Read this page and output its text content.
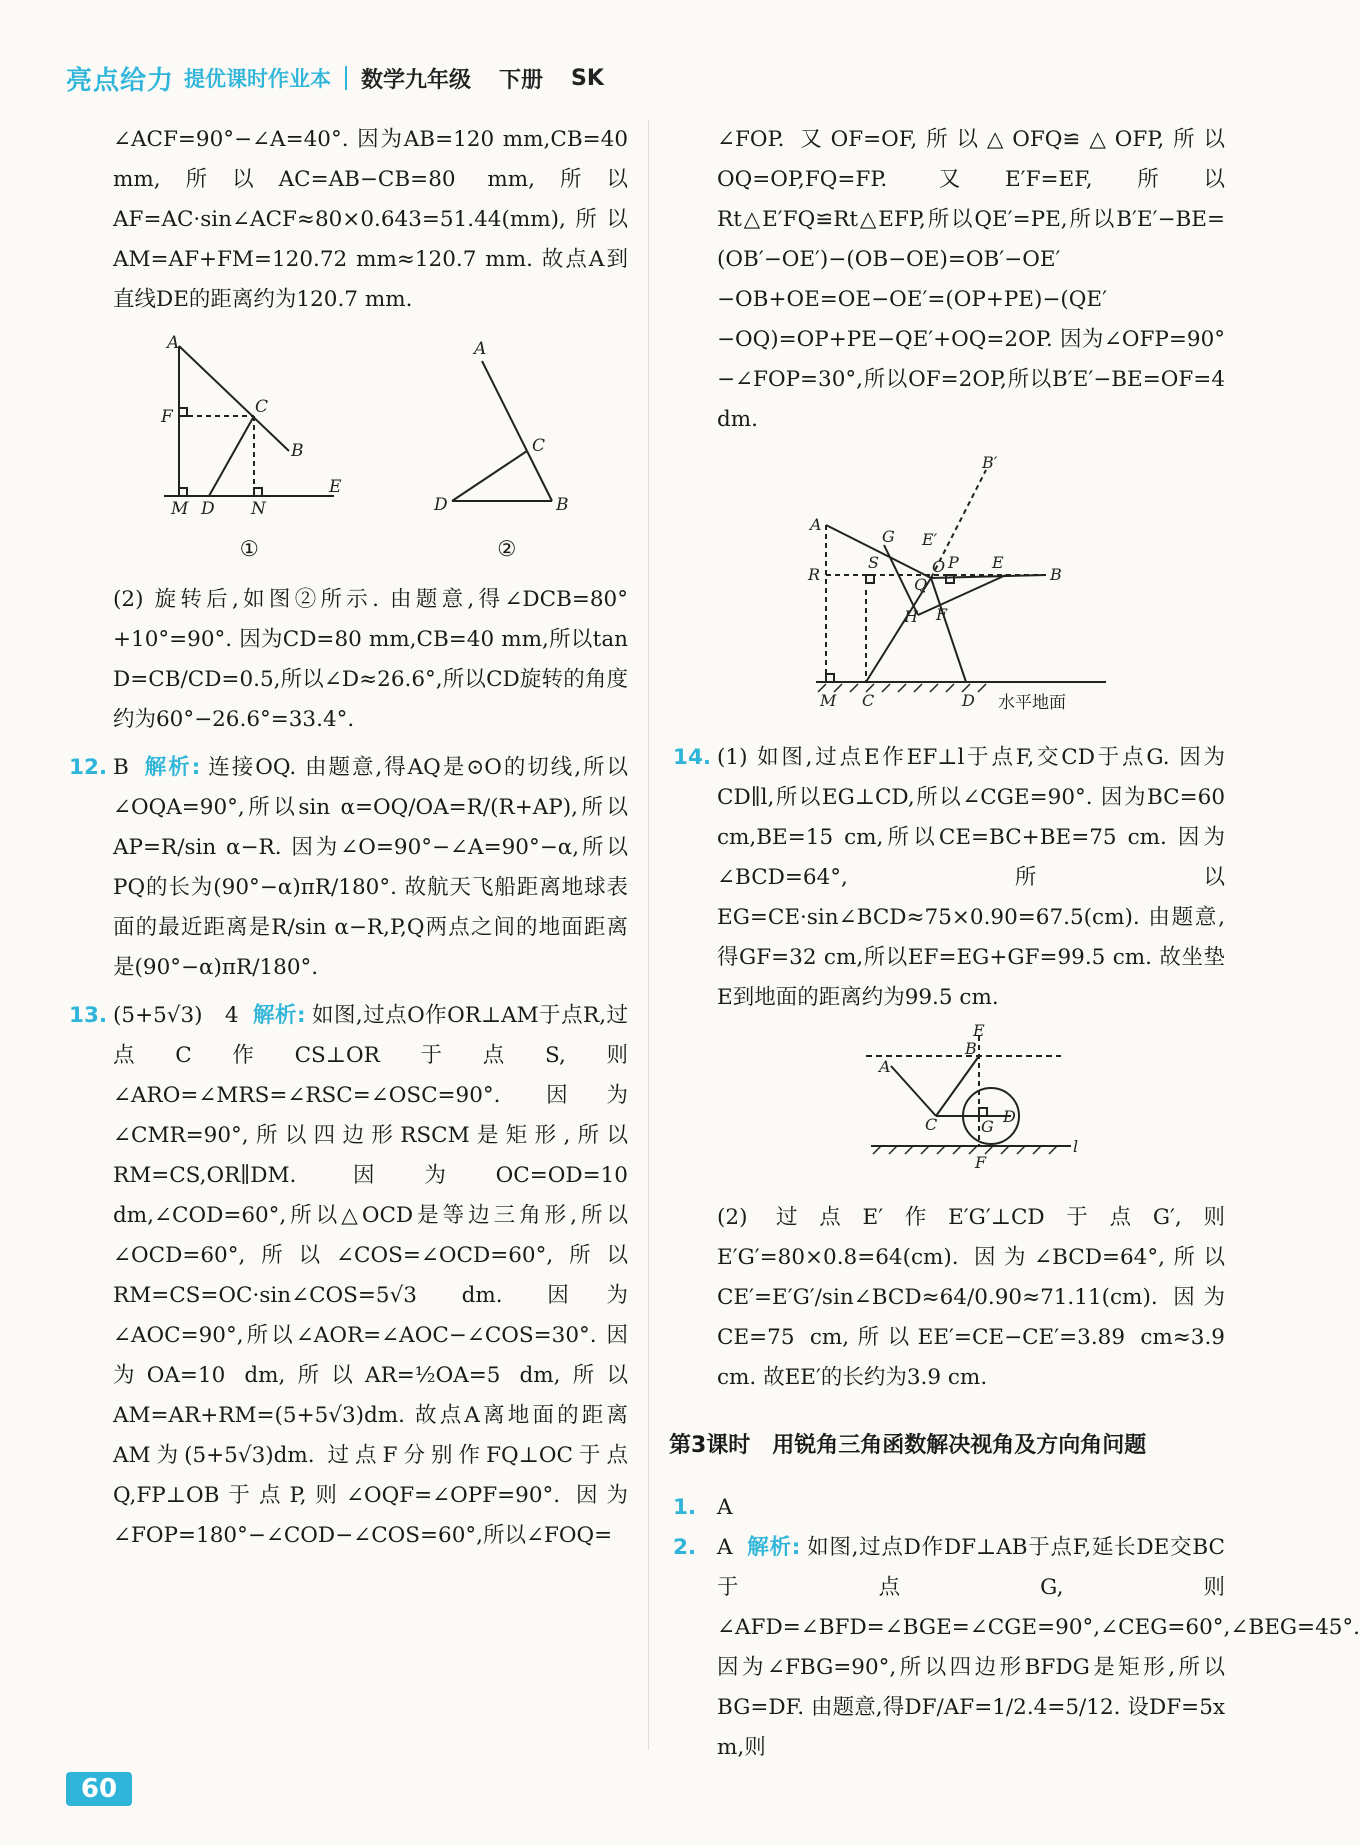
亮点给力 提优课时作业本 数学九年级 下册 SK

∠ACF=90°−∠A=40°. 因为AB=120 mm,CB=40 mm,所以AC=AB−CB=80 mm,所以AF=AC·sin∠ACF≈80×0.643=51.44(mm),所以AM=AF+FM=120.72 mm≈120.7 mm. 故点A到直线DE的距离约为120.7 mm.

A
F	C
B
M D N
E
①
A
C
B
D
②

(2) 旋转后,如图②所示. 由题意,得∠DCB=80°+10°=90°. 因为CD=80 mm,CB=40 mm,所以tan D=CB/CD=0.5,所以∠D≈26.6°,所以CD旋转的角度约为60°−26.6°=33.4°.

12. B 解析: 连接OQ. 由题意,得AQ是⊙O的切线,所以∠OQA=90°,所以sin α=OQ/OA=R/(R+AP),所以AP=R/sin α−R. 因为∠O=90°−∠A=90°−α,所以PQ的长为(90°−α)πR/180°. 故航天飞船距离地球表面的最近距离是R/sin α−R,P,Q两点之间的地面距离是(90°−α)πR/180°.

13. (5+5√3)　4 解析: 如图,过点O作OR⊥AM于点R,过点C作CS⊥OR于点S,则∠ARO=∠MRS=∠RSC=∠OSC=90°. 因为∠CMR=90°,所以四边形RSCM是矩形,所以RM=CS,OR∥DM. 因为OC=OD=10 dm,∠COD=60°,所以△OCD是等边三角形,所以∠OCD=60°,所以∠COS=∠OCD=60°,所以RM=CS=OC·sin∠COS=5√3 dm. 因为∠AOC=90°,所以∠AOR=∠AOC−∠COS=30°. 因为OA=10 dm,所以AR=½OA=5 dm,所以AM=AR+RM=(5+5√3)dm. 故点A离地面的距离AM为(5+5√3)dm. 过点F分别作FQ⊥OC于点Q,FP⊥OB于点P,则∠OQF=∠OPF=90°. 因为∠FOP=180°−∠COD−∠COS=60°,所以∠FOQ=

∠FOP. 又OF=OF,所以△OFQ≌△OFP,所以OQ=OP,FQ=FP. 又E′F=EF,所以Rt△E′FQ≌Rt△EFP,所以QE′=PE,所以B′E′−BE=(OB′−OE′)−(OB−OE)=OB′−OE′−OB+OE=OE−OE′=(OP+PE)−(QE′−OQ)=OP+PE−QE′+OQ=2OP. 因为∠OFP=90°−∠FOP=30°,所以OF=2OP,所以B′E′−BE=OF=4 dm.

A
R
S
G
O
E′
P E
B
B′
Q
H F
M C	D 水平地面

14. (1) 如图,过点E作EF⊥l于点F,交CD于点G. 因为CD∥l,所以EG⊥CD,所以∠CGE=90°. 因为BC=60 cm,BE=15 cm,所以CE=BC+BE=75 cm. 因为∠BCD=64°,所以EG=CE·sin∠BCD≈75×0.90=67.5(cm). 由题意,得GF=32 cm,所以EF=EG+GF=99.5 cm. 故坐垫E到地面的距离约为99.5 cm.

E
B
A
C	G
D
F
l

(2) 过点E′作E′G′⊥CD于点G′,则E′G′=80×0.8=64(cm). 因为∠BCD=64°,所以CE′=E′G′/sin∠BCD≈64/0.90≈71.11(cm). 因为CE=75 cm,所以EE′=CE−CE′=3.89 cm≈3.9 cm. 故EE′的长约为3.9 cm.

第3课时　用锐角三角函数解决视角及方向角问题

1. A

2. A 解析: 如图,过点D作DF⊥AB于点F,延长DE交BC于点G,则∠AFD=∠BFD=∠BGE=∠CGE=90°,∠CEG=60°,∠BEG=45°. 因为∠FBG=90°,所以四边形BFDG是矩形,所以BG=DF. 由题意,得DF/AF=1/2.4=5/12. 设DF=5x m,则

60
